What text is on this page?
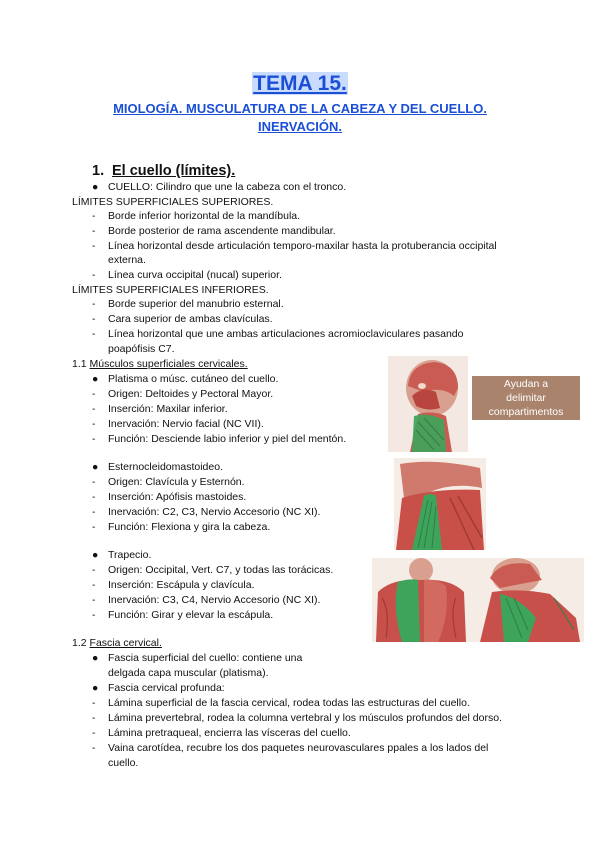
TEMA 15.
MIOLOGÍA. MUSCULATURA DE LA CABEZA Y DEL CUELLO.
INERVACIÓN.
1. El cuello (límites).
● CUELLO: Cilindro que une la cabeza con el tronco.
LÍMITES SUPERFICIALES SUPERIORES.
- Borde inferior horizontal de la mandíbula.
- Borde posterior de rama ascendente mandibular.
- Línea horizontal desde articulación temporo-maxilar hasta la protuberancia occipital
externa.
- Línea curva occipital (nucal) superior.
LÍMITES SUPERFICIALES INFERIORES.
- Borde superior del manubrio esternal.
- Cara superior de ambas clavículas.
- Línea horizontal que une ambas articulaciones acromioclaviculares pasando
poapófisis C7.
1.1 Músculos superficiales cervicales.
● Platisma o músc. cutáneo del cuello.
- Origen: Deltoides y Pectoral Mayor.
- Inserción: Maxilar inferior.
- Inervación: Nervio facial (NC VII).
- Función: Desciende labio inferior y piel del mentón.
● Esternocleidomastoideo.
- Origen: Clavícula y Esternón.
- Inserción: Apófisis mastoides.
- Inervación: C2, C3, Nervio Accesorio (NC XI).
- Función: Flexiona y gira la cabeza.
● Trapecio.
- Origen: Occipital, Vert. C7, y todas las torácicas.
- Inserción: Escápula y clavícula.
- Inervación: C3, C4, Nervio Accesorio (NC XI).
- Función: Girar y elevar la escápula.
1.2 Fascia cervical.
● Fascia superficial del cuello: contiene una
delgada capa muscular (platisma).
● Fascia cervical profunda:
- Lámina superficial de la fascia cervical, rodea todas las estructuras del cuello.
- Lámina prevertebral, rodea la columna vertebral y los músculos profundos del dorso.
- Lámina pretraqueal, encierra las vísceras del cuello.
- Vaina carotídea, recubre los dos paquetes neurovasculares ppales a los lados del
cuello.
Ayudan a
delimitar
compartimentos
